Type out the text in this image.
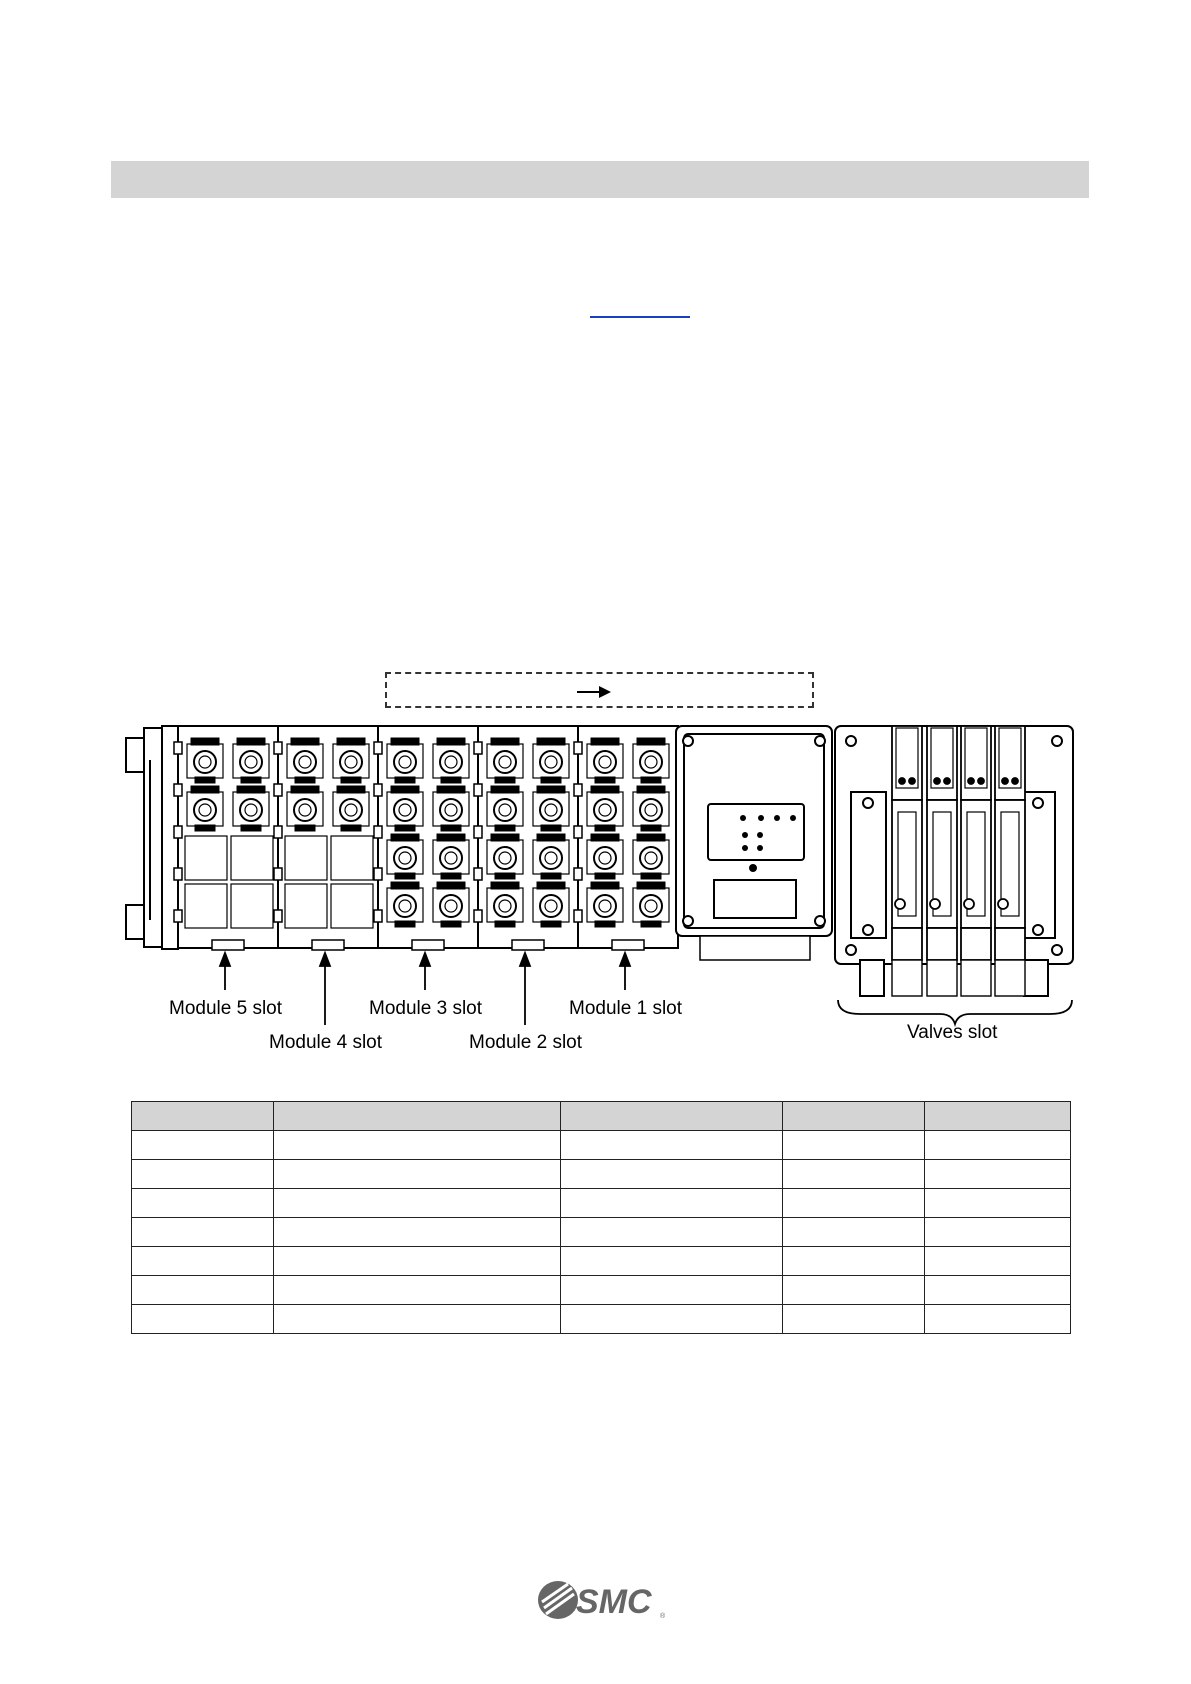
Module 5 slot
Module 4 slot
Module 3 slot
Module 2 slot
Module 1 slot
Valves slot

SMC ®
